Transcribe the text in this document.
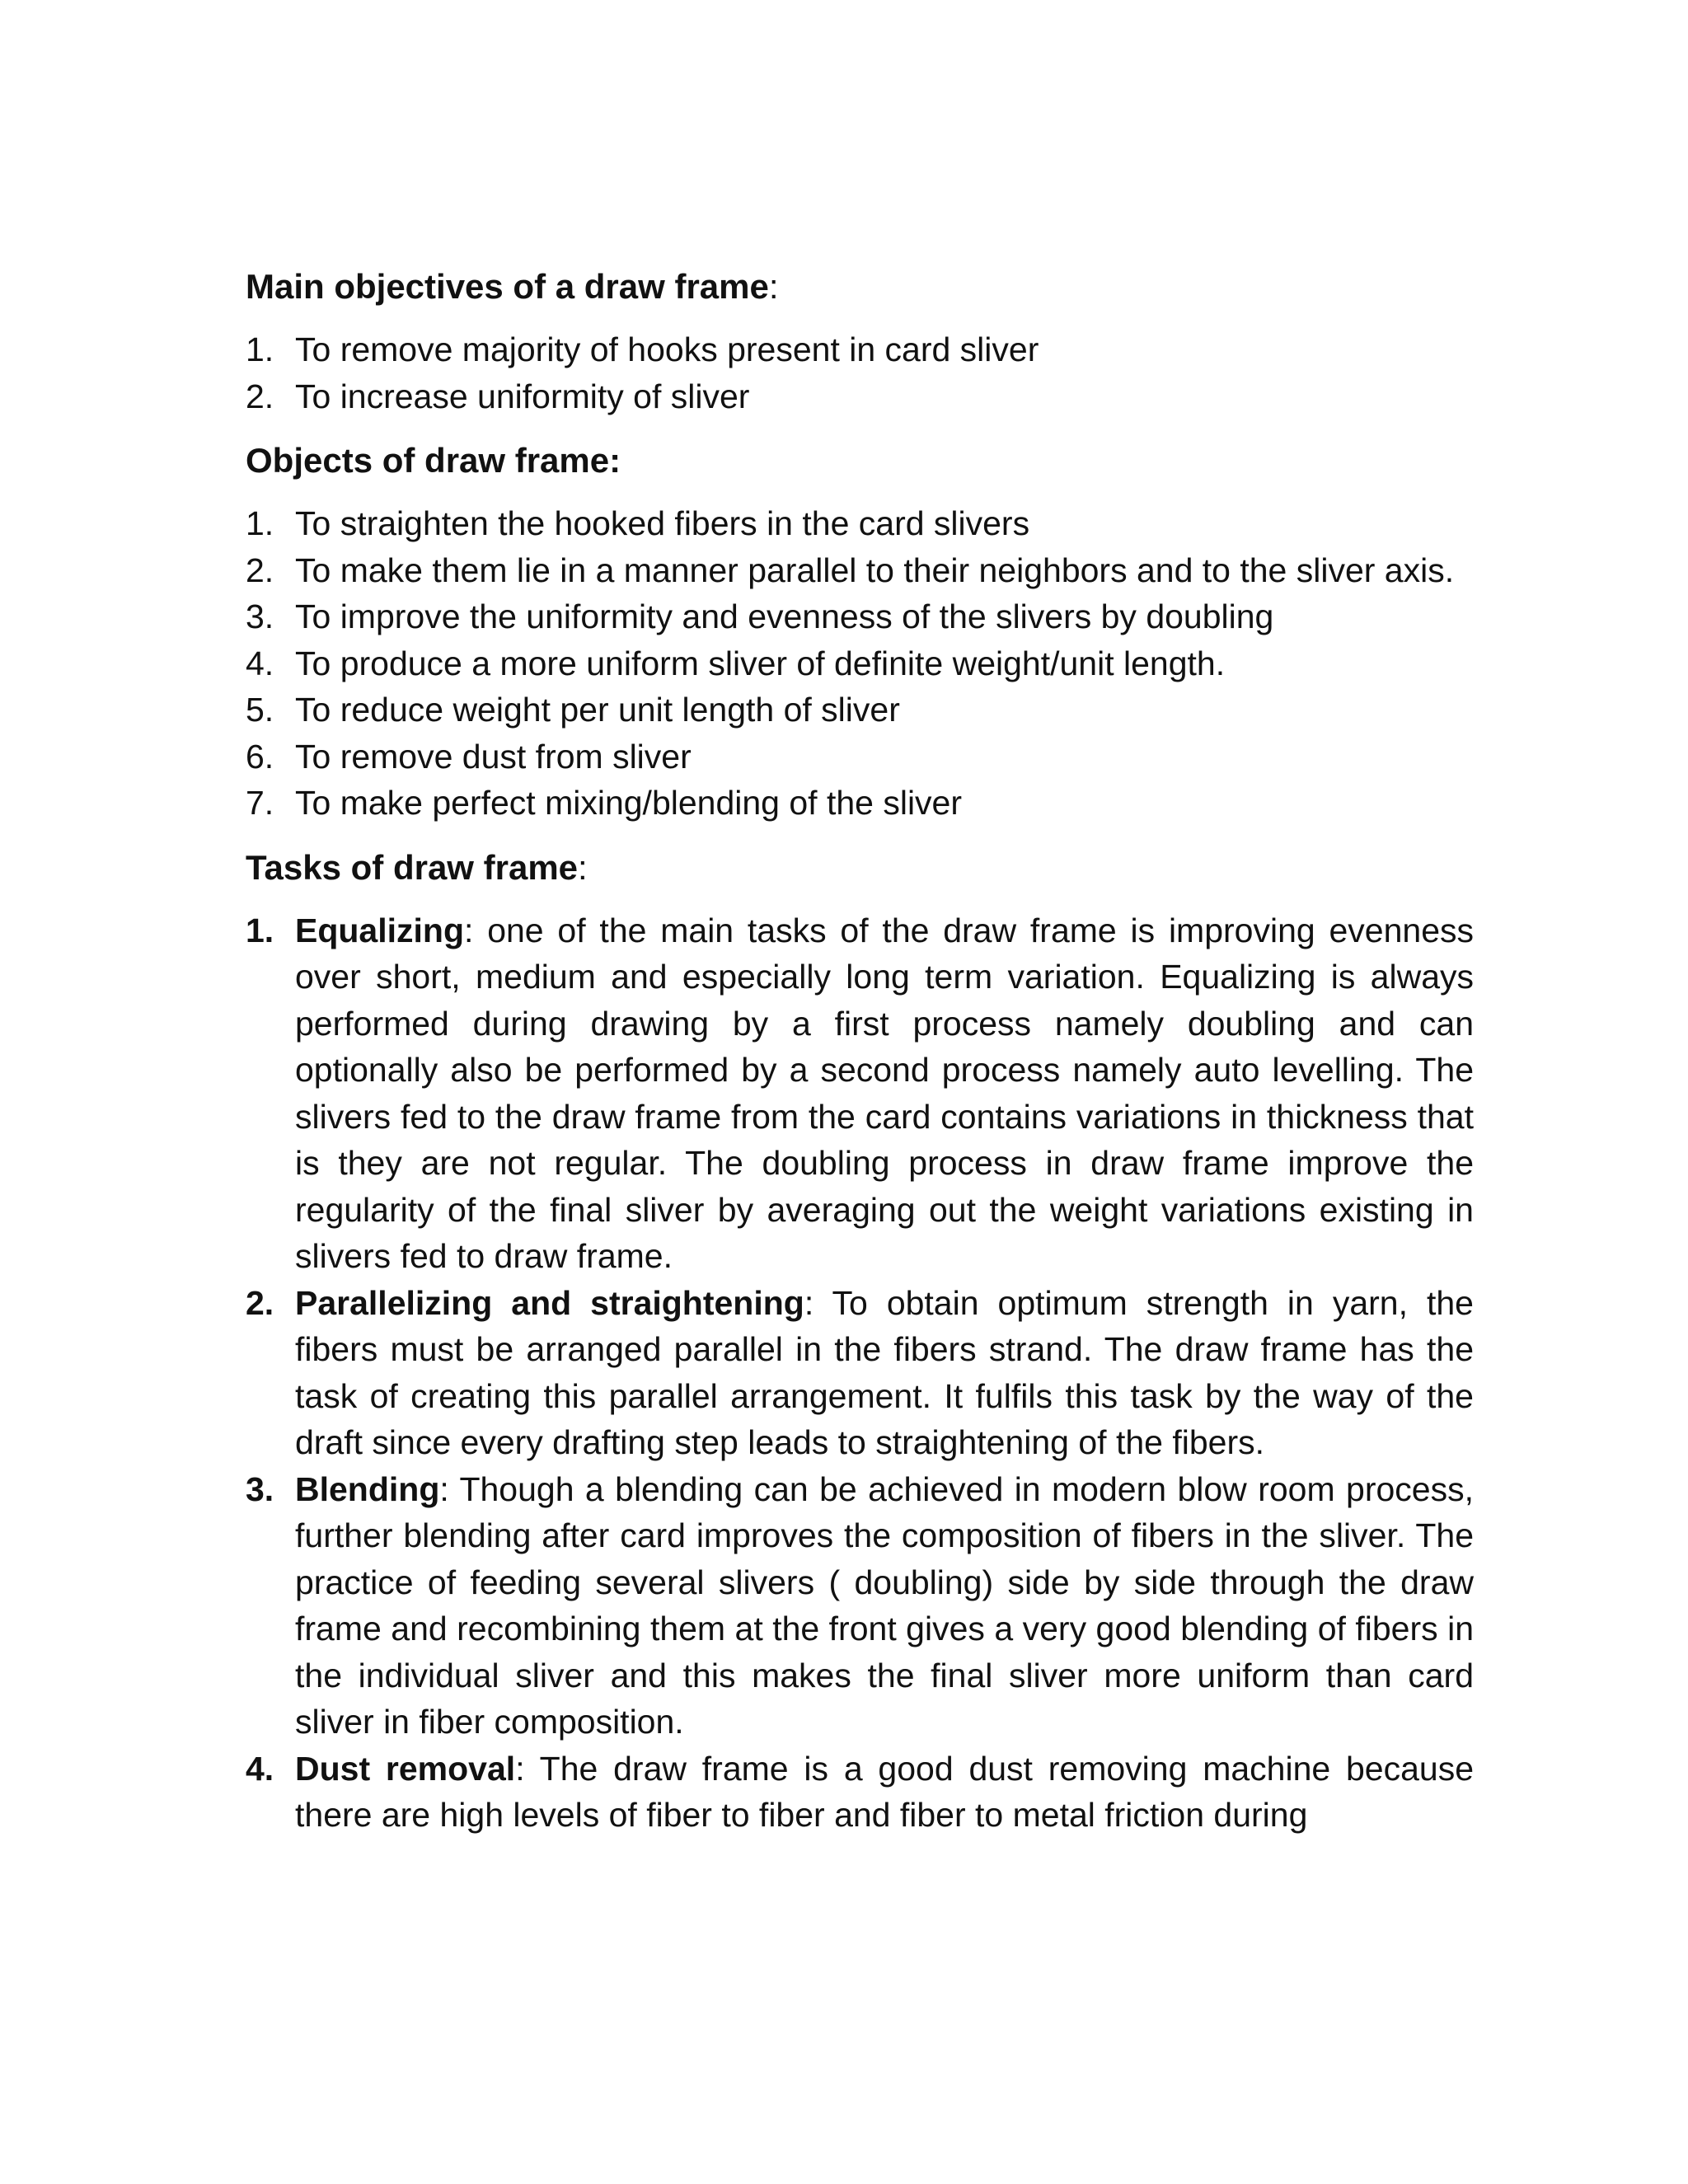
Main objectives of a draw frame:
1. To remove majority of hooks present in card sliver
2. To increase uniformity of sliver
Objects of draw frame:
1. To straighten the hooked fibers in the card slivers
2. To make them lie in a manner parallel to their neighbors and to the sliver axis.
3. To improve the uniformity and evenness of the slivers by doubling
4. To produce a more uniform sliver of definite weight/unit length.
5. To reduce weight per unit length of sliver
6. To remove dust from sliver
7. To make perfect mixing/blending of the sliver
Tasks of draw frame:
1. Equalizing: one of the main tasks of the draw frame is improving evenness over short, medium and especially long term variation. Equalizing is always performed during drawing by a first process namely doubling and can optionally also be performed by a second process namely auto levelling. The slivers fed to the draw frame from the card contains variations in thickness that is they are not regular. The doubling process in draw frame improve the regularity of the final sliver by averaging out the weight variations existing in slivers fed to draw frame.
2. Parallelizing and straightening: To obtain optimum strength in yarn, the fibers must be arranged parallel in the fibers strand. The draw frame has the task of creating this parallel arrangement. It fulfils this task by the way of the draft since every drafting step leads to straightening of the fibers.
3. Blending: Though a blending can be achieved in modern blow room process, further blending after card improves the composition of fibers in the sliver. The practice of feeding several slivers ( doubling) side by side through the draw frame and recombining them at the front gives a very good blending of fibers in the individual sliver and this makes the final sliver more uniform than card sliver in fiber composition.
4. Dust removal: The draw frame is a good dust removing machine because there are high levels of fiber to fiber and fiber to metal friction during
